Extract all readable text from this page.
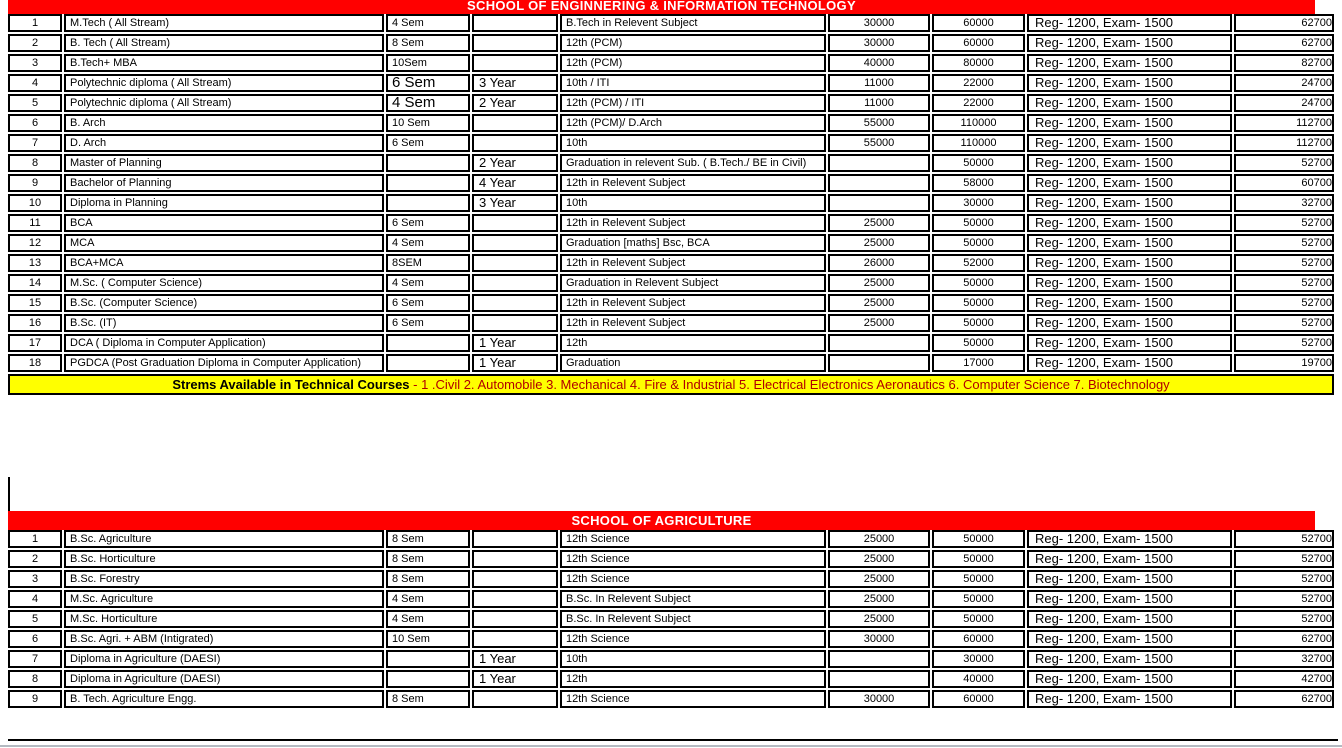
SCHOOL OF ENGINNERING & INFORMATION TECHNOLOGY
1	M.Tech ( All Stream)	4 Sem		B.Tech in Relevent Subject	30000	60000	Reg- 1200, Exam- 1500	62700
2	B. Tech ( All Stream)	8 Sem		12th (PCM)	30000	60000	Reg- 1200, Exam- 1500	62700
3	B.Tech+ MBA	10Sem		12th (PCM)	40000	80000	Reg- 1200, Exam- 1500	82700
4	Polytechnic diploma ( All Stream)	6 Sem	3 Year	10th / ITI	11000	22000	Reg- 1200, Exam- 1500	24700
5	Polytechnic diploma ( All Stream)	4 Sem	2 Year	12th (PCM) / ITI	11000	22000	Reg- 1200, Exam- 1500	24700
6	B. Arch	10 Sem		12th (PCM)/ D.Arch	55000	110000	Reg- 1200, Exam- 1500	112700
7	D. Arch	6 Sem		10th	55000	110000	Reg- 1200, Exam- 1500	112700
8	Master of Planning		2 Year	Graduation in relevent Sub. ( B.Tech./ BE in Civil)		50000	Reg- 1200, Exam- 1500	52700
9	Bachelor of Planning		4 Year	12th in Relevent Subject		58000	Reg- 1200, Exam- 1500	60700
10	Diploma in Planning		3 Year	10th		30000	Reg- 1200, Exam- 1500	32700
11	BCA	6 Sem		12th in Relevent Subject	25000	50000	Reg- 1200, Exam- 1500	52700
12	MCA	4 Sem		Graduation [maths] Bsc, BCA	25000	50000	Reg- 1200, Exam- 1500	52700
13	BCA+MCA	8SEM		12th in Relevent Subject	26000	52000	Reg- 1200, Exam- 1500	52700
14	M.Sc. ( Computer Science)	4 Sem		Graduation in Relevent Subject	25000	50000	Reg- 1200, Exam- 1500	52700
15	B.Sc. (Computer Science)	6 Sem		12th in Relevent Subject	25000	50000	Reg- 1200, Exam- 1500	52700
16	B.Sc. (IT)	6 Sem		12th in Relevent Subject	25000	50000	Reg- 1200, Exam- 1500	52700
17	DCA ( Diploma in Computer Application)		1 Year	12th		50000	Reg- 1200, Exam- 1500	52700
18	PGDCA (Post Graduation Diploma in Computer Application)		1 Year	Graduation		17000	Reg- 1200, Exam- 1500	19700
Strems Available in Technical Courses - 1 .Civil 2. Automobile 3. Mechanical 4. Fire & Industrial 5. Electrical Electronics Aeronautics 6. Computer Science 7. Biotechnology								
SCHOOL OF AGRICULTURE
1	B.Sc. Agriculture	8 Sem		12th Science	25000	50000	Reg- 1200, Exam- 1500	52700
2	B.Sc. Horticulture	8 Sem		12th Science	25000	50000	Reg- 1200, Exam- 1500	52700
3	B.Sc. Forestry	8 Sem		12th Science	25000	50000	Reg- 1200, Exam- 1500	52700
4	M.Sc. Agriculture	4 Sem		B.Sc. In Relevent Subject	25000	50000	Reg- 1200, Exam- 1500	52700
5	M.Sc. Horticulture	4 Sem		B.Sc. In Relevent Subject	25000	50000	Reg- 1200, Exam- 1500	52700
6	B.Sc. Agri. + ABM (Intigrated)	10 Sem		12th Science	30000	60000	Reg- 1200, Exam- 1500	62700
7	Diploma in Agriculture (DAESI)		1 Year	10th		30000	Reg- 1200, Exam- 1500	32700
8	Diploma in Agriculture (DAESI)		1 Year	12th		40000	Reg- 1200, Exam- 1500	42700
9	B. Tech. Agriculture Engg.	8 Sem		12th Science	30000	60000	Reg- 1200, Exam- 1500	62700
